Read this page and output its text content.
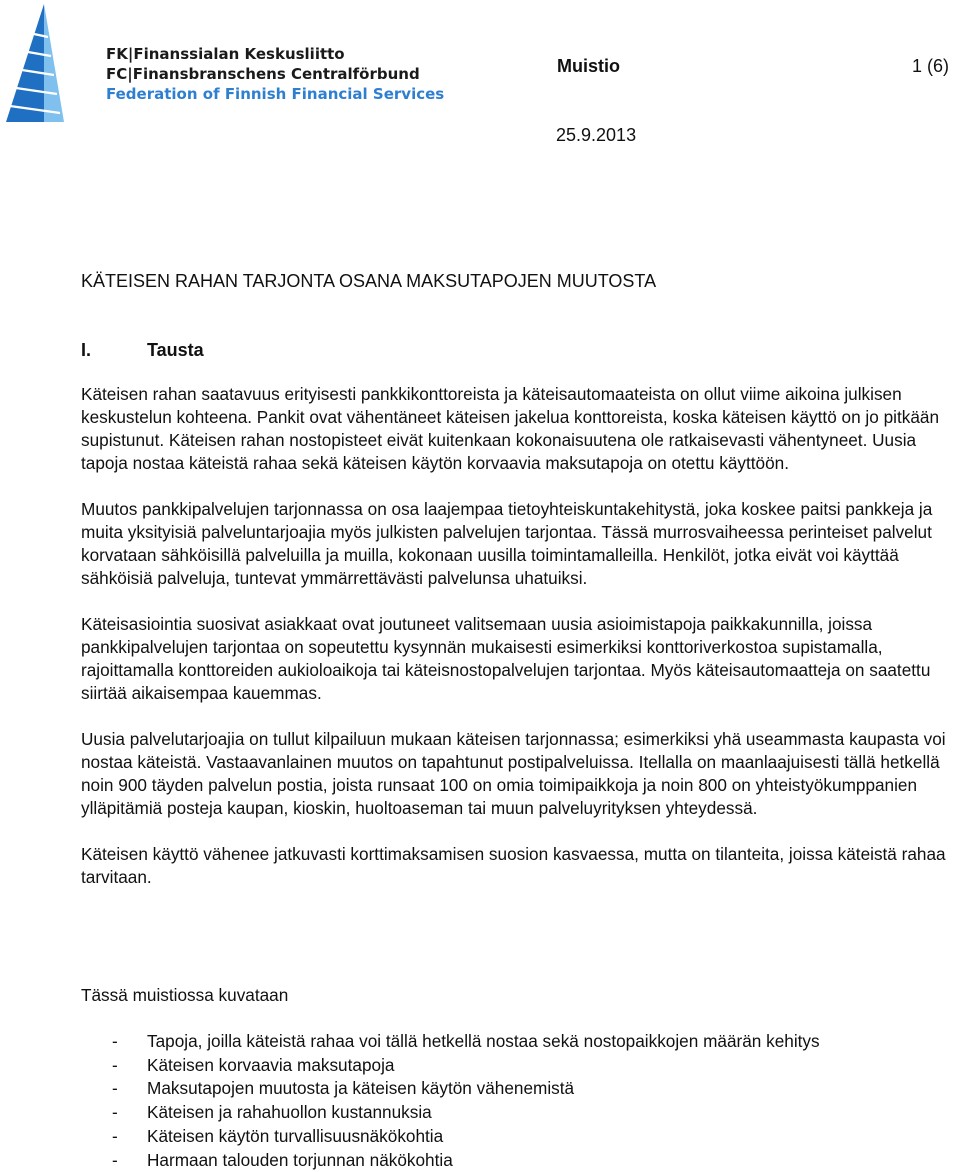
FK|Finanssialan Keskusliitto
FC|Finansbranschens Centralförbund
Federation of Finnish Financial Services
Muistio	1 (6)
25.9.2013
KÄTEISEN RAHAN TARJONTA OSANA MAKSUTAPOJEN MUUTOSTA
I.	Tausta

Käteisen rahan saatavuus erityisesti pankkikonttoreista ja käteisautomaateista on ollut viime aikoina julkisen keskustelun kohteena. Pankit ovat vähentäneet käteisen jakelua konttoreista, koska käteisen käyttö on jo pitkään supistunut. Käteisen rahan nostopisteet eivät kuitenkaan kokonaisuutena ole ratkaisevasti vähentyneet. Uusia tapoja nostaa käteistä rahaa sekä käteisen käytön korvaavia maksutapoja on otettu käyttöön.

Muutos pankkipalvelujen tarjonnassa on osa laajempaa tietoyhteiskuntakehitystä, joka koskee paitsi pankkeja ja muita yksityisiä palveluntarjoajia myös julkisten palvelujen tarjontaa. Tässä murrosvaiheessa perinteiset palvelut korvataan sähköisillä palveluilla ja muilla, kokonaan uusilla toimintamalleilla. Henkilöt, jotka eivät voi käyttää sähköisiä palveluja, tuntevat ymmärrettävästi palvelunsa uhatuiksi.

Käteisasiointia suosivat asiakkaat ovat joutuneet valitsemaan uusia asioimistapoja paikkakunnilla, joissa pankkipalvelujen tarjontaa on sopeutettu kysynnän mukaisesti esimerkiksi konttoriverkostoa supistamalla, rajoittamalla konttoreiden aukioloaikoja tai käteisnostopalvelujen tarjontaa. Myös käteisautomaatteja on saatettu siirtää aikaisempaa kauemmas.

Uusia palvelutarjoajia on tullut kilpailuun mukaan käteisen tarjonnassa; esimerkiksi yhä useammasta kaupasta voi nostaa käteistä. Vastaavanlainen muutos on tapahtunut postipalveluissa. Itellalla on maanlaajuisesti tällä hetkellä noin 900 täyden palvelun postia, joista runsaat 100 on omia toimipaikkoja ja noin 800 on yhteistyökumppanien ylläpitämiä posteja kaupan, kioskin, huoltoaseman tai muun palveluyrityksen yhteydessä.

Käteisen käyttö vähenee jatkuvasti korttimaksamisen suosion kasvaessa, mutta on tilanteita, joissa käteistä rahaa tarvitaan.

Tässä muistiossa kuvataan
- Tapoja, joilla käteistä rahaa voi tällä hetkellä nostaa sekä nostopaikkojen määrän kehitys
- Käteisen korvaavia maksutapoja
- Maksutapojen muutosta ja käteisen käytön vähenemistä
- Käteisen ja rahahuollon kustannuksia
- Käteisen käytön turvallisuusnäkökohtia
- Harmaan talouden torjunnan näkökohtia
